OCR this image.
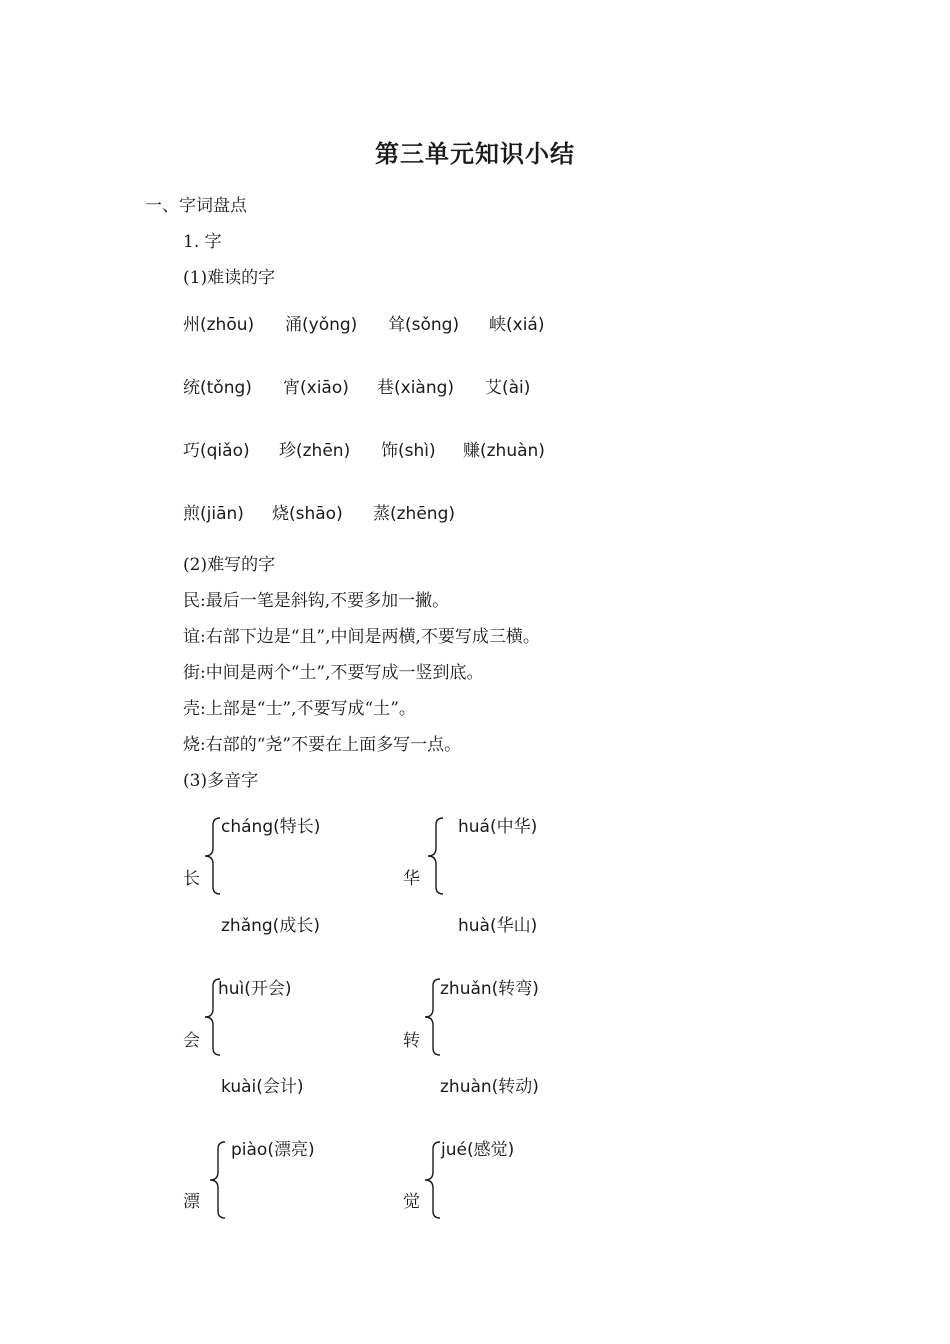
第三单元知识小结
一、字词盘点
1. 字
(1)难读的字
州(zhōu) 涌(yǒng) 耸(sǒng) 峡(xiá)
统(tǒng) 宵(xiāo) 巷(xiàng) 艾(ài)
巧(qiǎo) 珍(zhēn) 饰(shì) 赚(zhuàn)
煎(jiān) 烧(shāo) 蒸(zhēng)
(2)难写的字
民:最后一笔是斜钩,不要多加一撇。
谊:右部下边是“且”,中间是两横,不要写成三横。
街:中间是两个“土”,不要写成一竖到底。
壳:上部是“士”,不要写成“土”。
烧:右部的“尧”不要在上面多写一点。
(3)多音字
长
cháng(特长)
zhǎng(成长)
华
huá(中华)
huà(华山)
会
huì(开会)
kuài(会计)
转
zhuǎn(转弯)
zhuàn(转动)
漂
piào(漂亮)
觉
jué(感觉)
